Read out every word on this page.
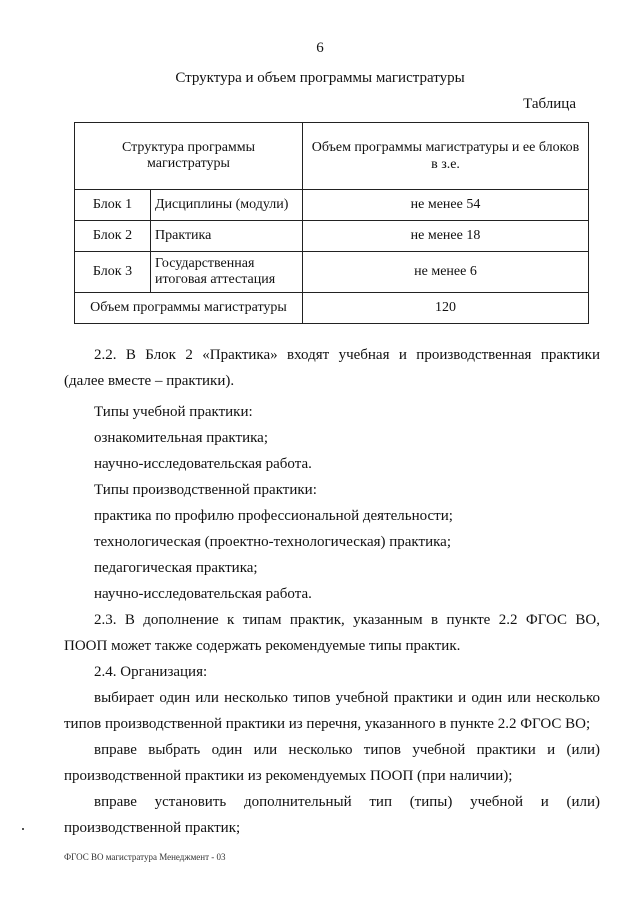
6
Структура и объем программы магистратуры
Таблица
Структура программы магистратуры		Объем программы магистратуры и ее блоков в з.е.
Блок 1	Дисциплины (модули)	не менее 54
Блок 2	Практика	не менее 18
Блок 3	Государственная итоговая аттестация	не менее 6
Объем программы магистратуры		120

2.2. В Блок 2 «Практика» входят учебная и производственная практики

(далее вместе – практики).

Типы учебной практики:

ознакомительная практика;

научно-исследовательская работа.

Типы производственной практики:

практика по профилю профессиональной деятельности;

технологическая (проектно-технологическая) практика;

педагогическая практика;

научно-исследовательская работа.

2.3. В дополнение к типам практик, указанным в пункте 2.2 ФГОС ВО,

ПООП может также содержать рекомендуемые типы практик.

2.4. Организация:

выбирает один или несколько типов учебной практики и один или несколько

типов производственной практики из перечня, указанного в пункте 2.2 ФГОС ВО;

вправе выбрать один или несколько типов учебной практики и (или)

производственной практики из рекомендуемых ПООП (при наличии);

вправе установить дополнительный тип (типы) учебной и (или)

производственной практик;

ФГОС ВО магистратура Менеджмент - 03
